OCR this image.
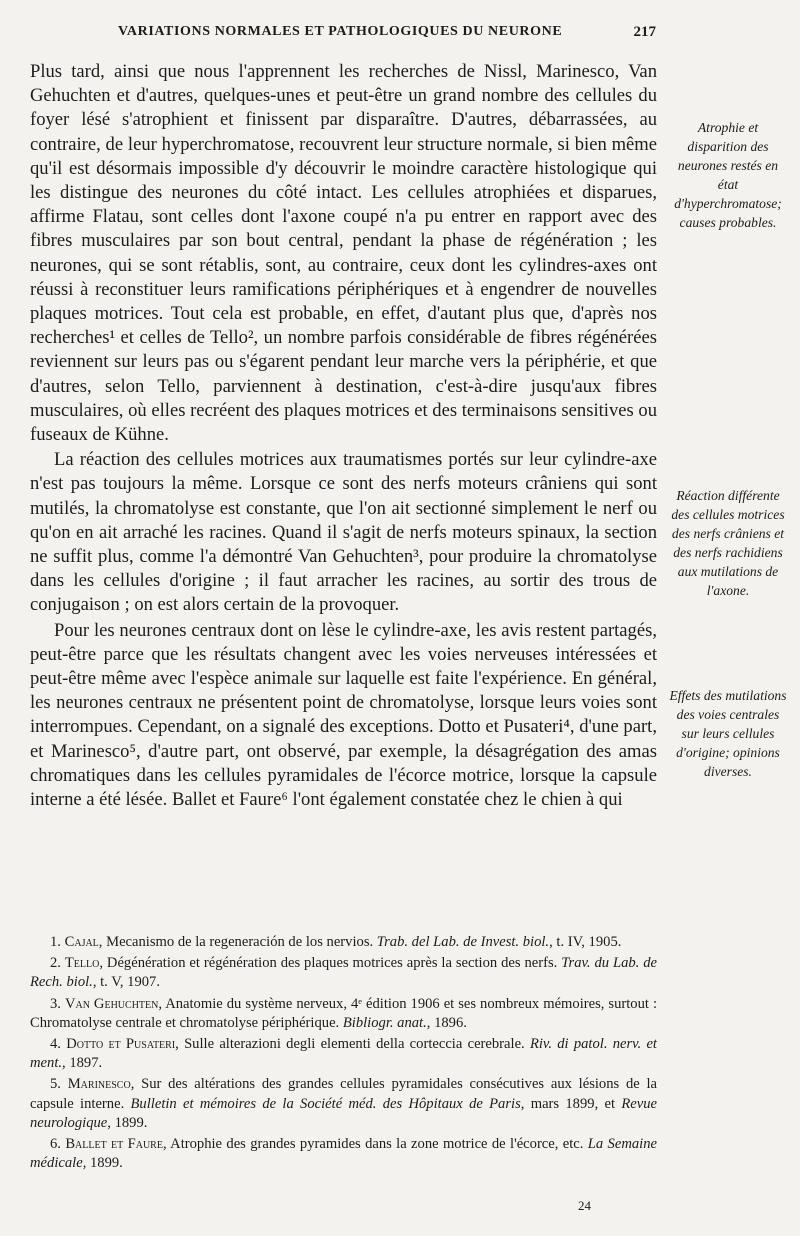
VARIATIONS NORMALES ET PATHOLOGIQUES DU NEURONE	217

Plus tard, ainsi que nous l'apprennent les recherches de Nissl, Marinesco, Van Gehuchten et d'autres, quelques-unes et peut-être un grand nombre des cellules du foyer lésé s'atrophient et finissent par disparaître. D'autres, débarrassées, au contraire, de leur hyperchromatose, recouvrent leur structure normale, si bien même qu'il est désormais impossible d'y découvrir le moindre caractère histologique qui les distingue des neurones du côté intact. Les cellules atrophiées et disparues, affirme Flatau, sont celles dont l'axone coupé n'a pu entrer en rapport avec des fibres musculaires par son bout central, pendant la phase de régénération ; les neurones, qui se sont rétablis, sont, au contraire, ceux dont les cylindres-axes ont réussi à reconstituer leurs ramifications périphériques et à engendrer de nouvelles plaques motrices. Tout cela est probable, en effet, d'autant plus que, d'après nos recherches¹ et celles de Tello², un nombre parfois considérable de fibres régénérées reviennent sur leurs pas ou s'égarent pendant leur marche vers la périphérie, et que d'autres, selon Tello, parviennent à destination, c'est-à-dire jusqu'aux fibres musculaires, où elles recréent des plaques motrices et des terminaisons sensitives ou fuseaux de Kühne.

La réaction des cellules motrices aux traumatismes portés sur leur cylindre-axe n'est pas toujours la même. Lorsque ce sont des nerfs moteurs crâniens qui sont mutilés, la chromatolyse est constante, que l'on ait sectionné simplement le nerf ou qu'on en ait arraché les racines. Quand il s'agit de nerfs moteurs spinaux, la section ne suffit plus, comme l'a démontré Van Gehuchten³, pour produire la chromatolyse dans les cellules d'origine ; il faut arracher les racines, au sortir des trous de conjugaison ; on est alors certain de la provoquer.

Pour les neurones centraux dont on lèse le cylindre-axe, les avis restent partagés, peut-être parce que les résultats changent avec les voies nerveuses intéressées et peut-être même avec l'espèce animale sur laquelle est faite l'expérience. En général, les neurones centraux ne présentent point de chromatolyse, lorsque leurs voies sont interrompues. Cependant, on a signalé des exceptions. Dotto et Pusateri⁴, d'une part, et Marinesco⁵, d'autre part, ont observé, par exemple, la désagrégation des amas chromatiques dans les cellules pyramidales de l'écorce motrice, lorsque la capsule interne a été lésée. Ballet et Faure⁶ l'ont également constatée chez le chien à qui

Atrophie et disparition des neurones restés en état d'hyperchromatose; causes probables.
Réaction différente des cellules motrices des nerfs crâniens et des nerfs rachidiens aux mutilations de l'axone.
Effets des mutilations des voies centrales sur leurs cellules d'origine; opinions diverses.

1. Cajal, Mecanismo de la regeneración de los nervios. Trab. del Lab. de Invest. biol., t. IV, 1905.

2. Tello, Dégénération et régénération des plaques motrices après la section des nerfs. Trav. du Lab. de Rech. biol., t. V, 1907.

3. Van Gehuchten, Anatomie du système nerveux, 4ᵉ édition 1906 et ses nombreux mémoires, surtout : Chromatolyse centrale et chromatolyse périphérique. Bibliogr. anat., 1896.

4. Dotto et Pusateri, Sulle alterazioni degli elementi della corteccia cerebrale. Riv. di patol. nerv. et ment., 1897.

5. Marinesco, Sur des altérations des grandes cellules pyramidales consécutives aux lésions de la capsule interne. Bulletin et mémoires de la Société méd. des Hôpitaux de Paris, mars 1899, et Revue neurologique, 1899.

6. Ballet et Faure, Atrophie des grandes pyramides dans la zone motrice de l'écorce, etc. La Semaine médicale, 1899.

24
